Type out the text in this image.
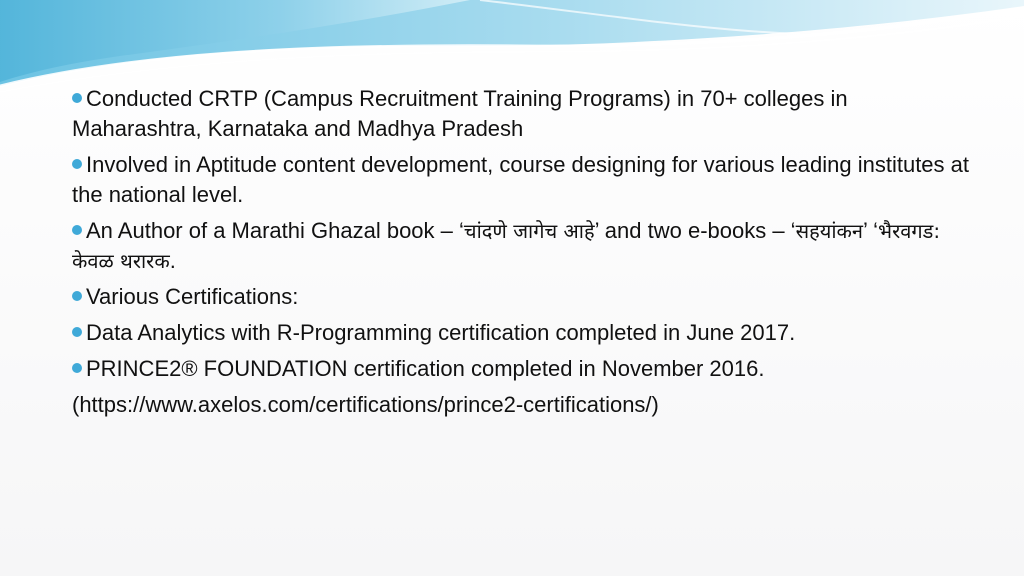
Conducted CRTP (Campus Recruitment Training Programs) in 70+ colleges in Maharashtra, Karnataka and Madhya Pradesh
Involved in Aptitude content development, course designing for various leading institutes at the national level.
An Author of a Marathi Ghazal book – ‘चांदणे जागेच आहे’ and two e-books – ‘सहयांकन’ ‘भैरवगड: केवळ थरारक.
Various Certifications:
Data Analytics with R-Programming certification completed in June 2017.
PRINCE2® FOUNDATION certification completed in November 2016.
(https://www.axelos.com/certifications/prince2-certifications/)
